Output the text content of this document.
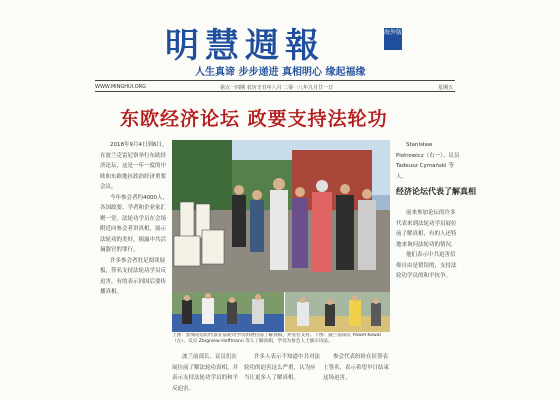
明慧週報	海外版
人生真谛 步步递进 真相明心 缘起福缘
WWW.MINGHUI.ORG	第五一四期 农历辛丑年八月 二零一八年九月廿一日	星期五
东欧经济论坛 政要支持法轮功

2018年9月4日到6日，在波兰克雷尼察举行东欧经济论坛，这是一年一度的中欧和东欧地区政治经济重要会议。

今年参会者约4000人，各国政要、学者和企业家汇聚一堂。法轮功学员在会场附近向参会者讲真相，展示法轮功的美好，揭露中共活摘器官的罪行。

许多参会者驻足阅读展板，签名支持法轮功学员反迫害，有的表示回国后要传播真相。

上图：参加论坛的代表在法轮功学员的展位前了解真相，并签名支持。下图：波兰前部长 Paweł Kowal（左）、议员 Zbigniew Hoffmann 等人了解真相，学员为参会人士演示功法。

波兰前部长、议员们在展位前了解法轮功真相，并表示支持法轮功学员的和平反迫害。

许多人表示不知道中共对法轮功的迫害这么严重，认为应当让更多人了解真相。

参会代表纷纷在征签表上签名，表示希望早日结束这场迫害。

Stanisław Piotrowicz（右一）、议员 Tadeusz Cymański 等人。

前来参加论坛的许多代表来到法轮功学员展位前了解真相，有的人还特地来询问法轮功的情况。

他们表示中共迫害信仰自由是错误的，支持法轮功学员的和平抗争。

经济论坛代表了解真相
